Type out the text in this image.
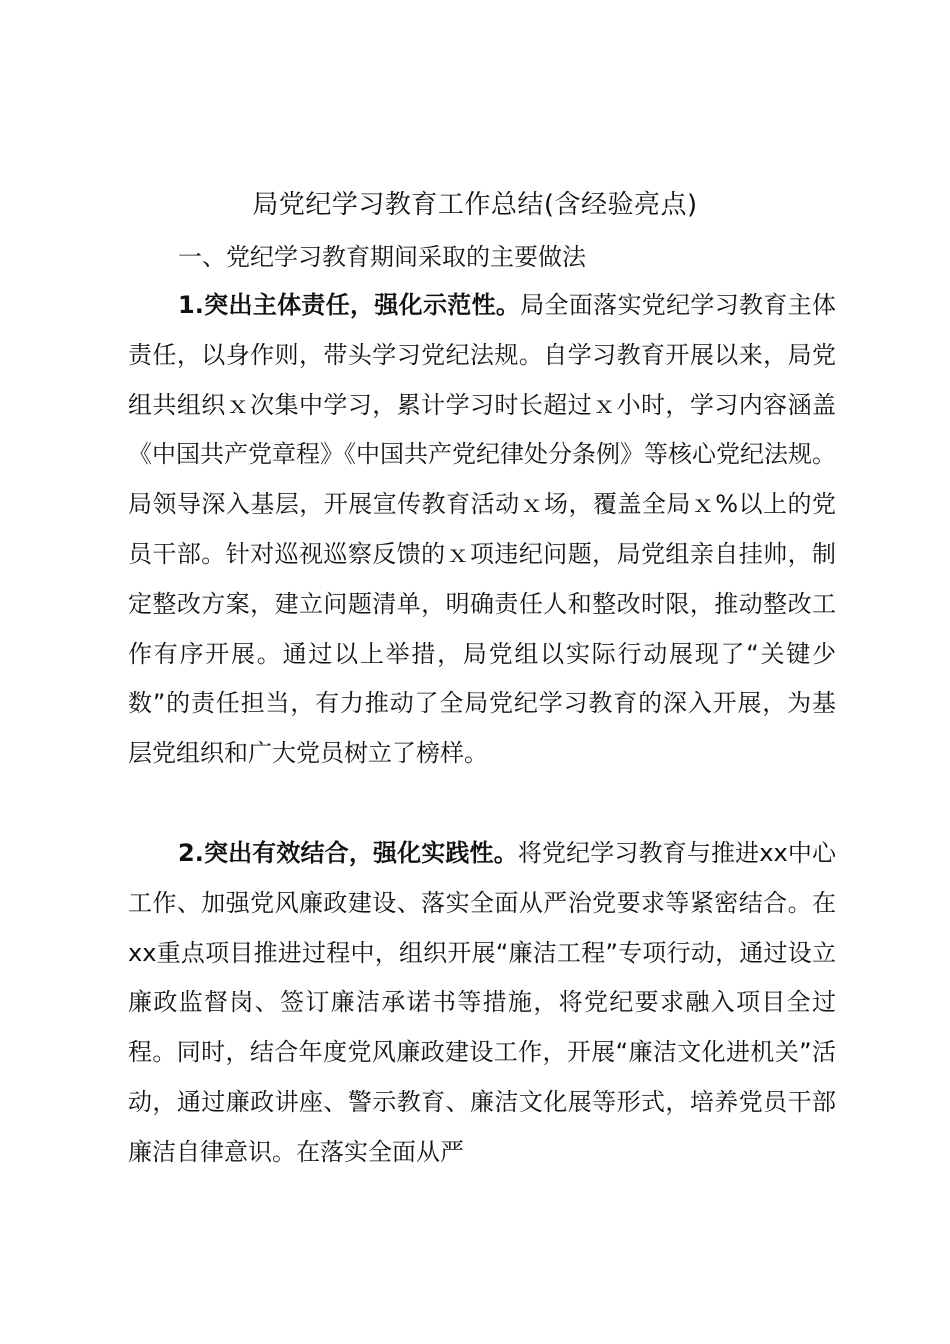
局党纪学习教育工作总结(含经验亮点)
一、党纪学习教育期间采取的主要做法

1.突出主体责任，强化示范性。局全面落实党纪学习教育主体责任，以身作则，带头学习党纪法规。自学习教育开展以来，局党组共组织ｘ次集中学习，累计学习时长超过ｘ小时，学习内容涵盖《中国共产党章程》《中国共产党纪律处分条例》等核心党纪法规。局领导深入基层，开展宣传教育活动ｘ场，覆盖全局ｘ%以上的党员干部。针对巡视巡察反馈的ｘ项违纪问题，局党组亲自挂帅，制定整改方案，建立问题清单，明确责任人和整改时限，推动整改工作有序开展。通过以上举措，局党组以实际行动展现了“关键少数”的责任担当，有力推动了全局党纪学习教育的深入开展，为基层党组织和广大党员树立了榜样。

2.突出有效结合，强化实践性。将党纪学习教育与推进xx中心工作、加强党风廉政建设、落实全面从严治党要求等紧密结合。在xx重点项目推进过程中，组织开展“廉洁工程”专项行动，通过设立廉政监督岗、签订廉洁承诺书等措施，将党纪要求融入项目全过程。同时，结合年度党风廉政建设工作，开展“廉洁文化进机关”活动，通过廉政讲座、警示教育、廉洁文化展等形式，培养党员干部廉洁自律意识。在落实全面从严
